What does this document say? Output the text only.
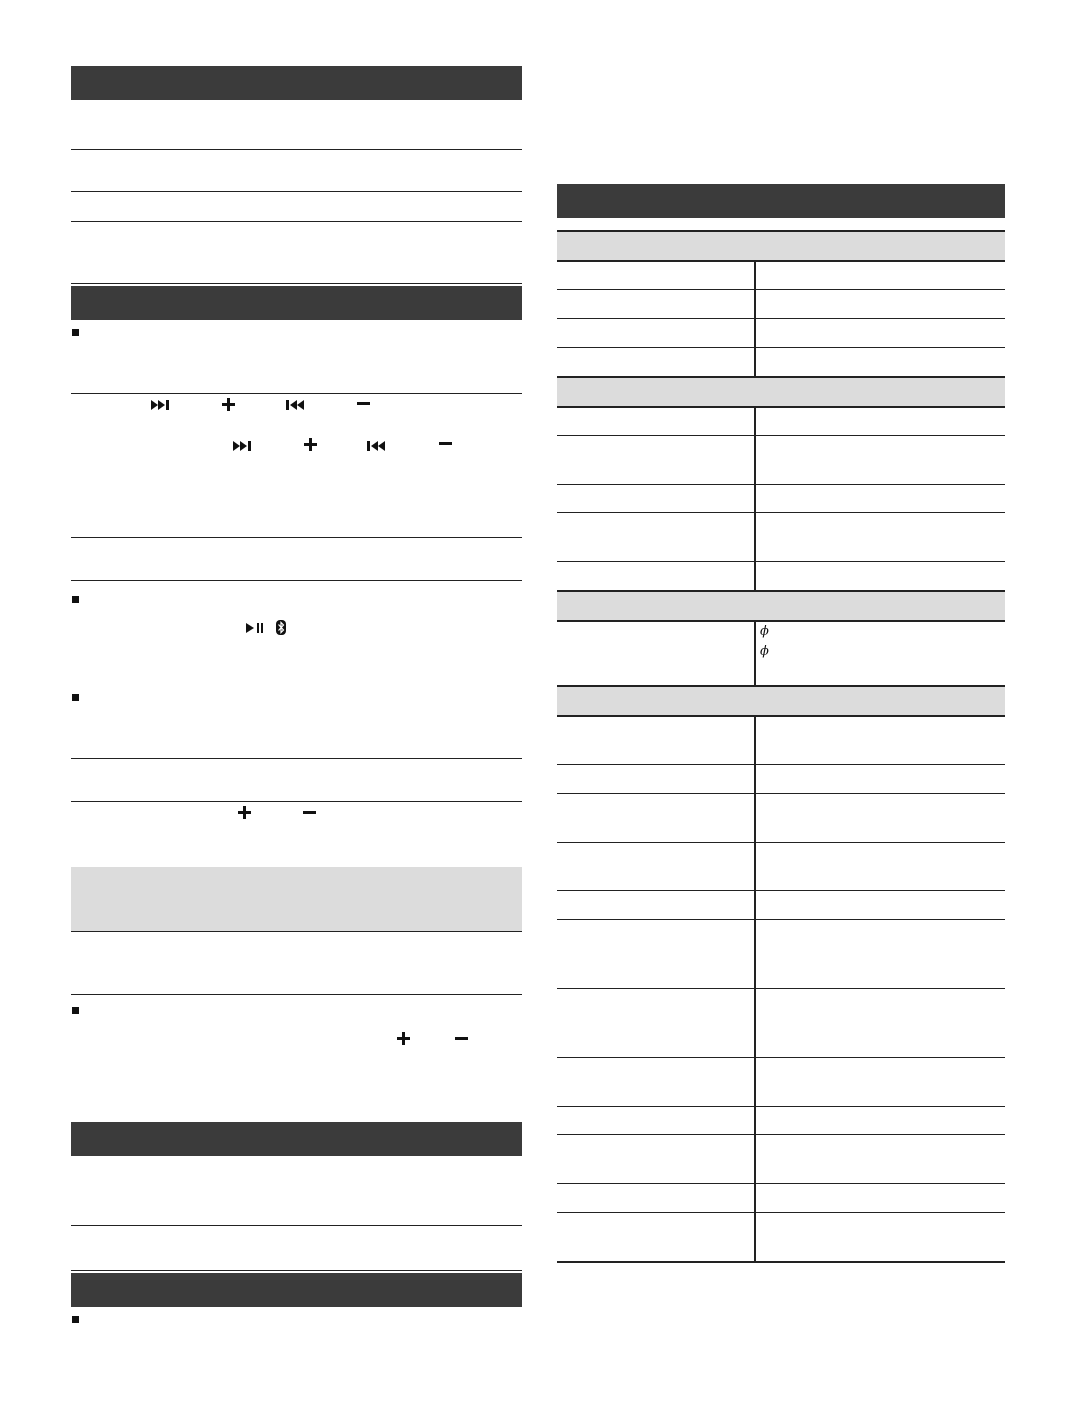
ϕ
ϕ
